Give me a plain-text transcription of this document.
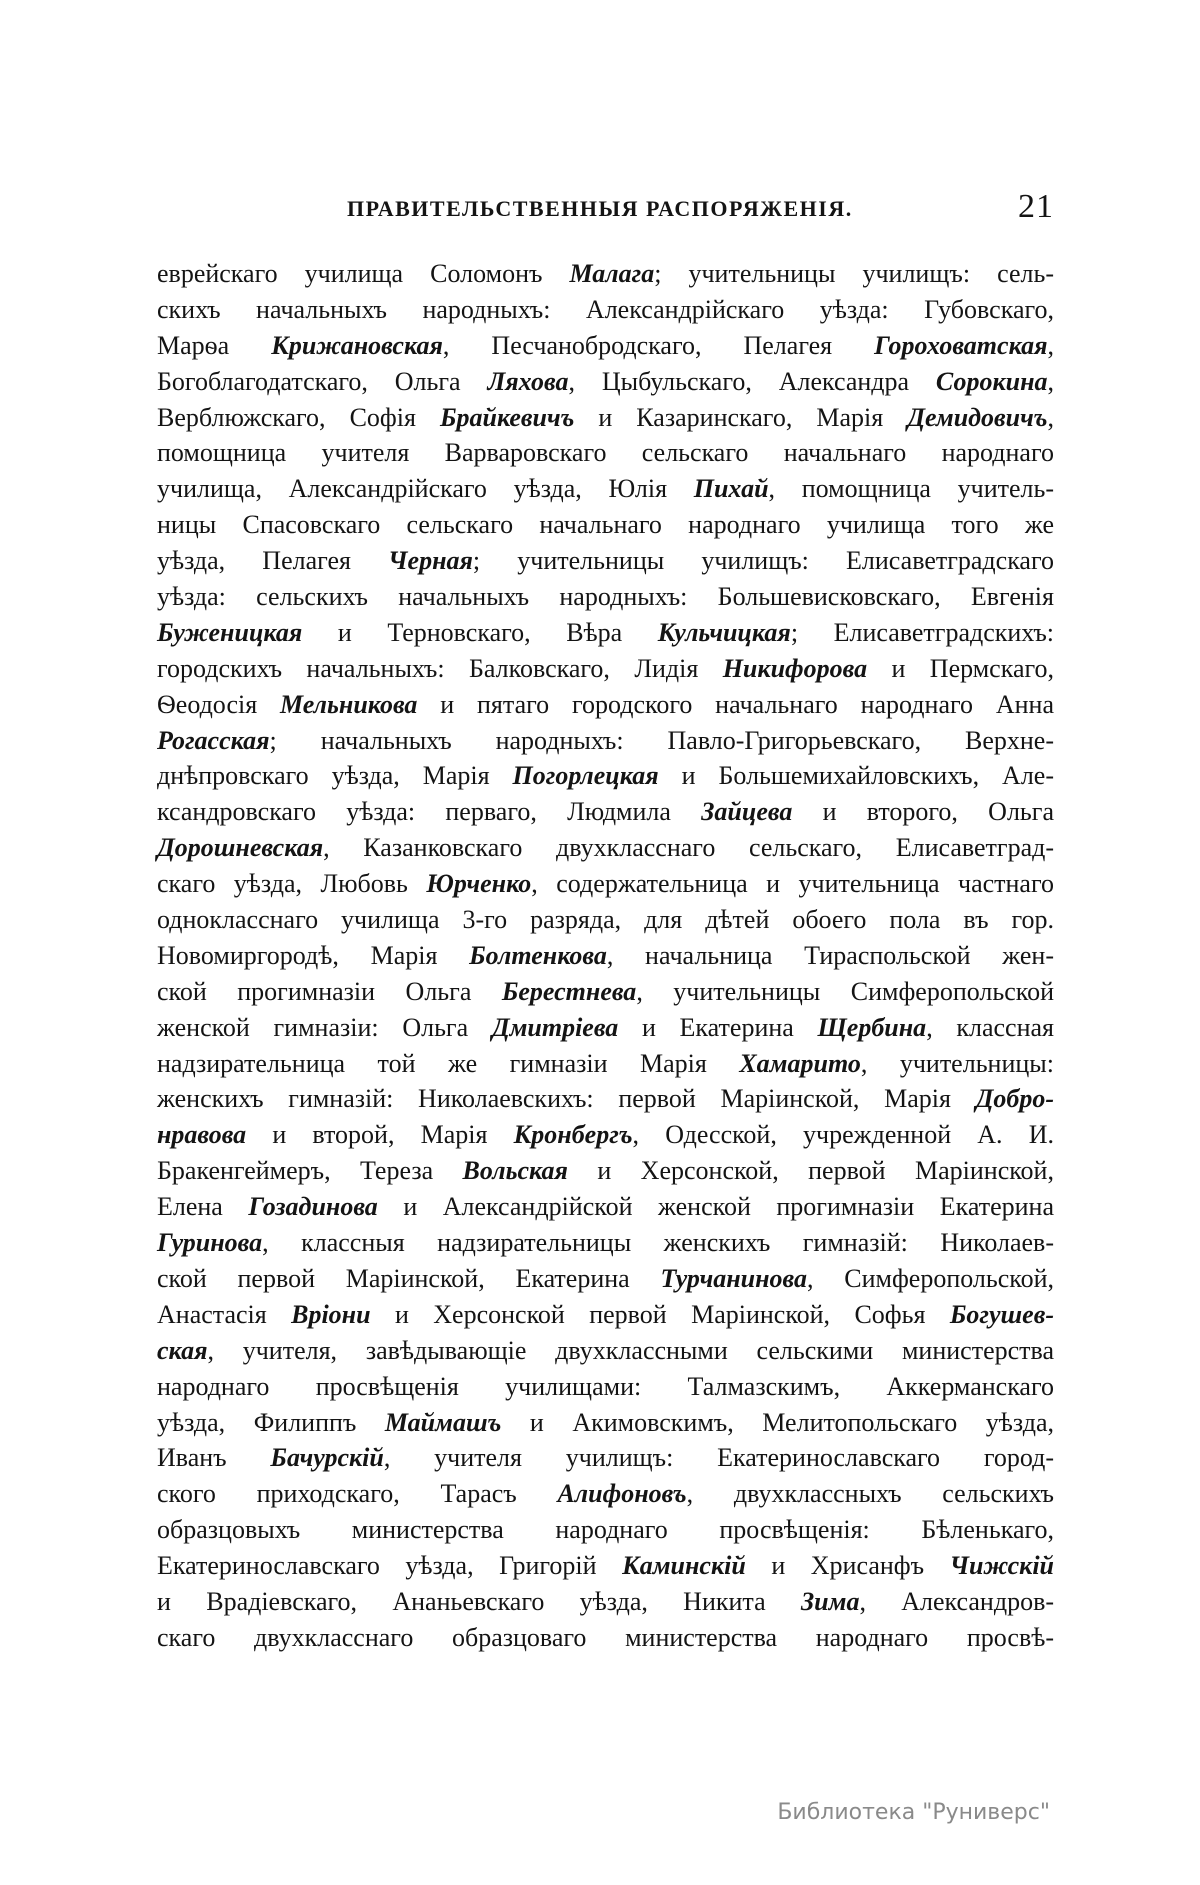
ПРАВИТЕЛЬСТВЕННЫЯ РАСПОРЯЖЕНІЯ.	21
еврейскаго училища Соломонъ Малага; учительницы училищъ: сель-
скихъ начальныхъ народныхъ: Александрійскаго уѣзда: Губовскаго,
Марѳа Крижановская, Песчанобродскаго, Пелагея Гороховатская,
Богоблагодатскаго, Ольга Ляхова, Цыбульскаго, Александра Сорокина,
Верблюжскаго, Софія Брайкевичъ и Казаринскаго, Марія Демидовичъ,
помощница учителя Варваровскаго сельскаго начальнаго народнаго
училища, Александрійскаго уѣзда, Юлія Пихай, помощница учитель-
ницы Спасовскаго сельскаго начальнаго народнаго училища того же
уѣзда, Пелагея Черная; учительницы училищъ: Елисаветградскаго
уѣзда: сельскихъ начальныхъ народныхъ: Большевисковскаго, Евгенія
Буженицкая и Терновскаго, Вѣра Кульчицкая; Елисаветградскихъ:
городскихъ начальныхъ: Балковскаго, Лидія Никифорова и Пермскаго,
Ѳеодосія Мельникова и пятаго городского начальнаго народнаго Анна
Рогасская; начальныхъ народныхъ: Павло-Григорьевскаго, Верхне-
днѣпровскаго уѣзда, Марія Погорлецкая и Большемихайловскихъ, Але-
ксандровскаго уѣзда: перваго, Людмила Зайцева и второго, Ольга
Дорошневская, Казанковскаго двухкласснаго сельскаго, Елисаветград-
скаго уѣзда, Любовь Юрченко, содержательница и учительница частнаго
однокласснаго училища 3-го разряда, для дѣтей обоего пола въ гор.
Новомиргородѣ, Марія Болтенкова, начальница Тираспольской жен-
ской прогимназіи Ольга Берестнева, учительницы Симферопольской
женской гимназіи: Ольга Дмитріева и Екатерина Щербина, классная
надзирательница той же гимназіи Марія Хамарито, учительницы:
женскихъ гимназій: Николаевскихъ: первой Маріинской, Марія Добро-
нравова и второй, Марія Кронбергъ, Одесской, учрежденной А. И.
Бракенгеймеръ, Тереза Вольская и Херсонской, первой Маріинской,
Елена Гозадинова и Александрійской женской прогимназіи Екатерина
Гуринова, классныя надзирательницы женскихъ гимназій: Николаев-
ской первой Маріинской, Екатерина Турчанинова, Симферопольской,
Анастасія Вріони и Херсонской первой Маріинской, Софья Богушев-
ская, учителя, завѣдывающіе двухклассными сельскими министерства
народнаго просвѣщенія училищами: Талмазскимъ, Аккерманскаго
уѣзда, Филиппъ Маймашъ и Акимовскимъ, Мелитопольскаго уѣзда,
Иванъ Бачурскій, учителя училищъ: Екатеринославскаго город-
ского приходскаго, Тарасъ Алифоновъ, двухклассныхъ сельскихъ
образцовыхъ министерства народнаго просвѣщенія: Бѣленькаго,
Екатеринославскаго уѣзда, Григорій Каминскій и Хрисанфъ Чижскій
и Врадіевскаго, Ананьевскаго уѣзда, Никита Зима, Александров-
скаго двухкласснаго образцоваго министерства народнаго просвѣ-
Библиотека "Руниверс"
